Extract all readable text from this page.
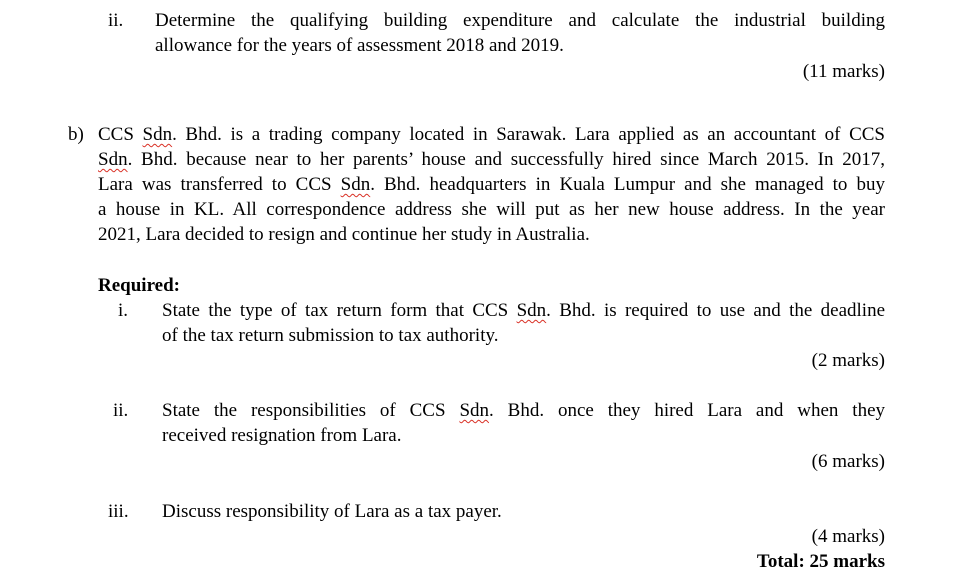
ii. Determine the qualifying building expenditure and calculate the industrial building
allowance for the years of assessment 2018 and 2019.
(11 marks)
b) CCS Sdn. Bhd. is a trading company located in Sarawak. Lara applied as an accountant of CCS
Sdn. Bhd. because near to her parents’ house and successfully hired since March 2015. In 2017,
Lara was transferred to CCS Sdn. Bhd. headquarters in Kuala Lumpur and she managed to buy
a house in KL. All correspondence address she will put as her new house address. In the year
2021, Lara decided to resign and continue her study in Australia.
Required:
i. State the type of tax return form that CCS Sdn. Bhd. is required to use and the deadline
of the tax return submission to tax authority.
(2 marks)
ii. State the responsibilities of CCS Sdn. Bhd. once they hired Lara and when they
received resignation from Lara.
(6 marks)
iii. Discuss responsibility of Lara as a tax payer.
(4 marks)
Total: 25 marks
